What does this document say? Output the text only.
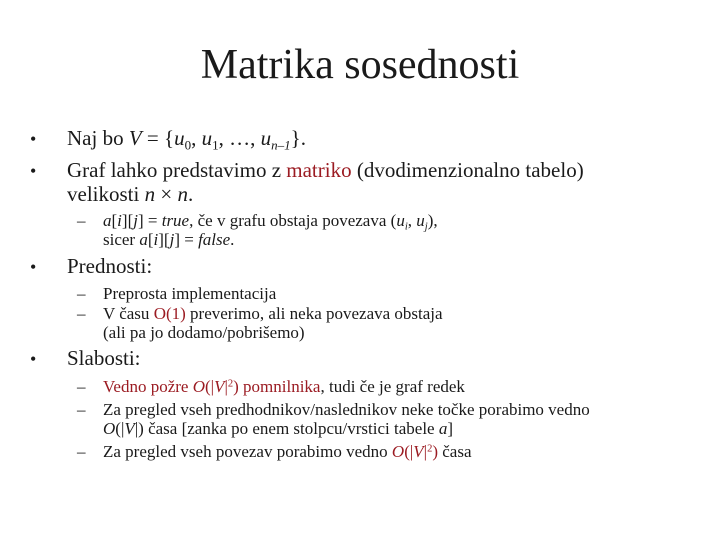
Matrika sosednosti
• Naj bo $V = \{u_0$, $u_1$, …, $u_{n-1}$}.
• Graf lahko predstavimo z matriko (dvodimenzionalno tabelo)
velikosti n × n.
– a[i][j] = true, če v grafu obstaja povezava ($u_i$, $u_j$),
sicer a[i][j] = false.
• Prednosti:
– Preprosta implementacija
– V času O(1) preverimo, ali neka povezava obstaja
(ali pa jo dodamo/pobrišemo)
• Slabosti:
– Vedno požre $O(|V|^2)$ pomnilnika, tudi če je graf redek
– Za pregled vseh predhodnikov/naslednikov neke točke porabimo vedno
O(|V|) časa [zanka po enem stolpcu/vrstici tabele a]
– Za pregled vseh povezav porabimo vedno $O(|V|^2)$ časa
